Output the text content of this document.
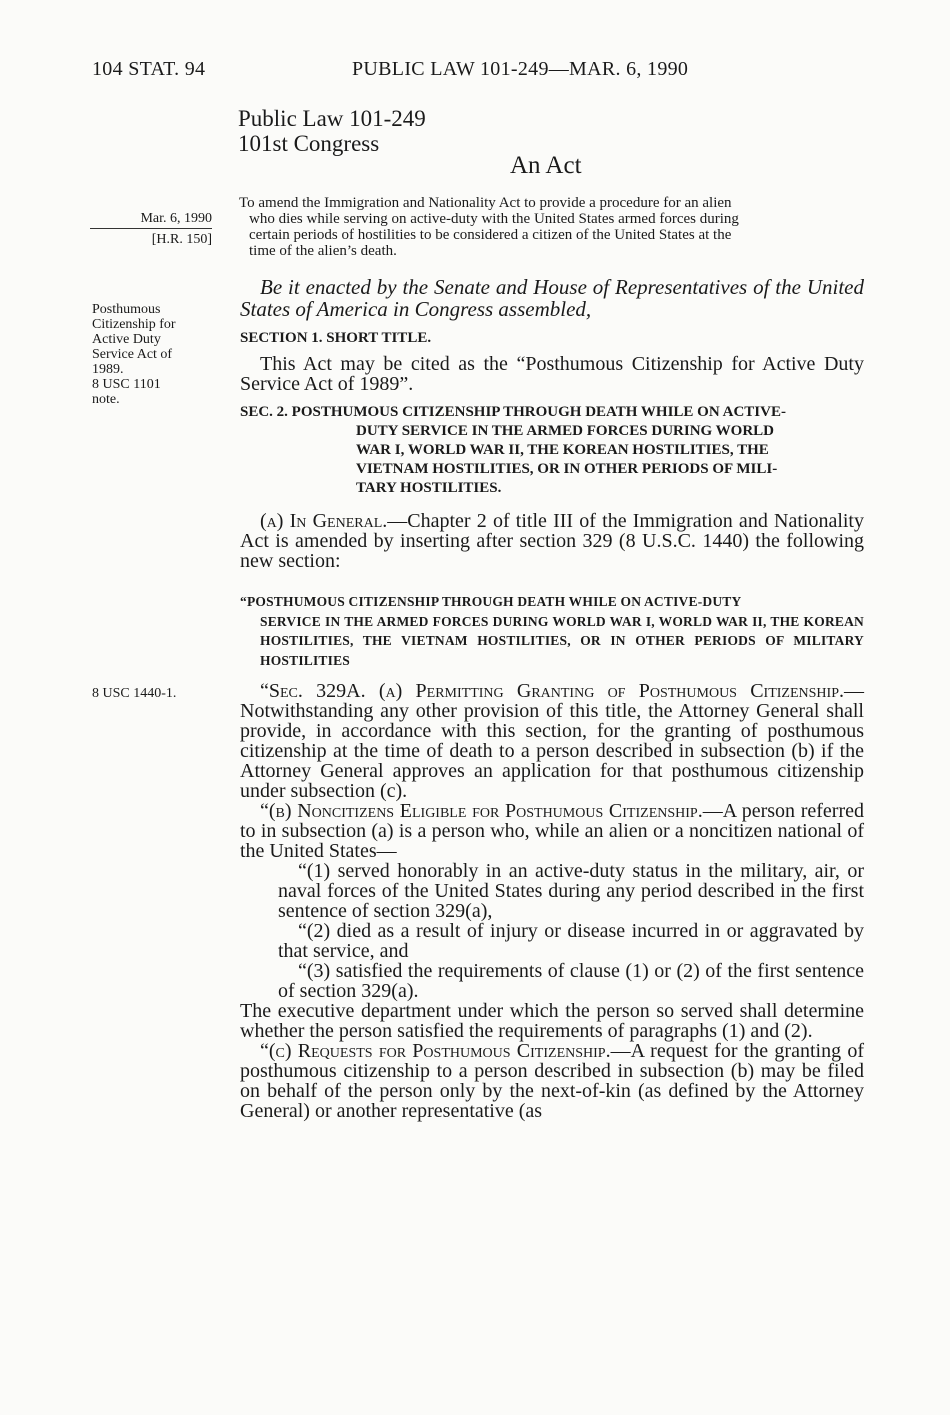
104 STAT. 94	PUBLIC LAW 101-249—MAR. 6, 1990
Public Law 101-249
101st Congress
An Act
Mar. 6, 1990
[H.R. 150]
Posthumous
Citizenship for
Active Duty
Service Act of
1989.
8 USC 1101
note.
8 USC 1440-1.
To amend the Immigration and Nationality Act to provide a procedure for an alien
who dies while serving on active-duty with the United States armed forces during
certain periods of hostilities to be considered a citizen of the United States at the
time of the alien’s death.
Be it enacted by the Senate and House of Representatives of the United States of America in Congress assembled,
SECTION 1. SHORT TITLE.
This Act may be cited as the “Posthumous Citizenship for Active Duty Service Act of 1989”.
SEC. 2. POSTHUMOUS CITIZENSHIP THROUGH DEATH WHILE ON ACTIVE-
DUTY SERVICE IN THE ARMED FORCES DURING WORLD
WAR I, WORLD WAR II, THE KOREAN HOSTILITIES, THE
VIETNAM HOSTILITIES, OR IN OTHER PERIODS OF MILI-
TARY HOSTILITIES.
(a) In General.—Chapter 2 of title III of the Immigration and Nationality Act is amended by inserting after section 329 (8 U.S.C. 1440) the following new section:
“POSTHUMOUS CITIZENSHIP THROUGH DEATH WHILE ON ACTIVE-DUTY
SERVICE IN THE ARMED FORCES DURING WORLD WAR I, WORLD WAR II, THE KOREAN HOSTILITIES, THE VIETNAM HOSTILITIES, OR IN OTHER PERIODS OF MILITARY HOSTILITIES

“Sec. 329A. (a) Permitting Granting of Posthumous Citizenship.—Notwithstanding any other provision of this title, the Attorney General shall provide, in accordance with this section, for the granting of posthumous citizenship at the time of death to a person described in subsection (b) if the Attorney General approves an application for that posthumous citizenship under subsection (c).

“(b) Noncitizens Eligible for Posthumous Citizenship.—A person referred to in subsection (a) is a person who, while an alien or a noncitizen national of the United States—

“(1) served honorably in an active-duty status in the military, air, or naval forces of the United States during any period described in the first sentence of section 329(a),

“(2) died as a result of injury or disease incurred in or aggravated by that service, and

“(3) satisfied the requirements of clause (1) or (2) of the first sentence of section 329(a).

The executive department under which the person so served shall determine whether the person satisfied the requirements of paragraphs (1) and (2).

“(c) Requests for Posthumous Citizenship.—A request for the granting of posthumous citizenship to a person described in subsection (b) may be filed on behalf of the person only by the next-of-kin (as defined by the Attorney General) or another representative (as
